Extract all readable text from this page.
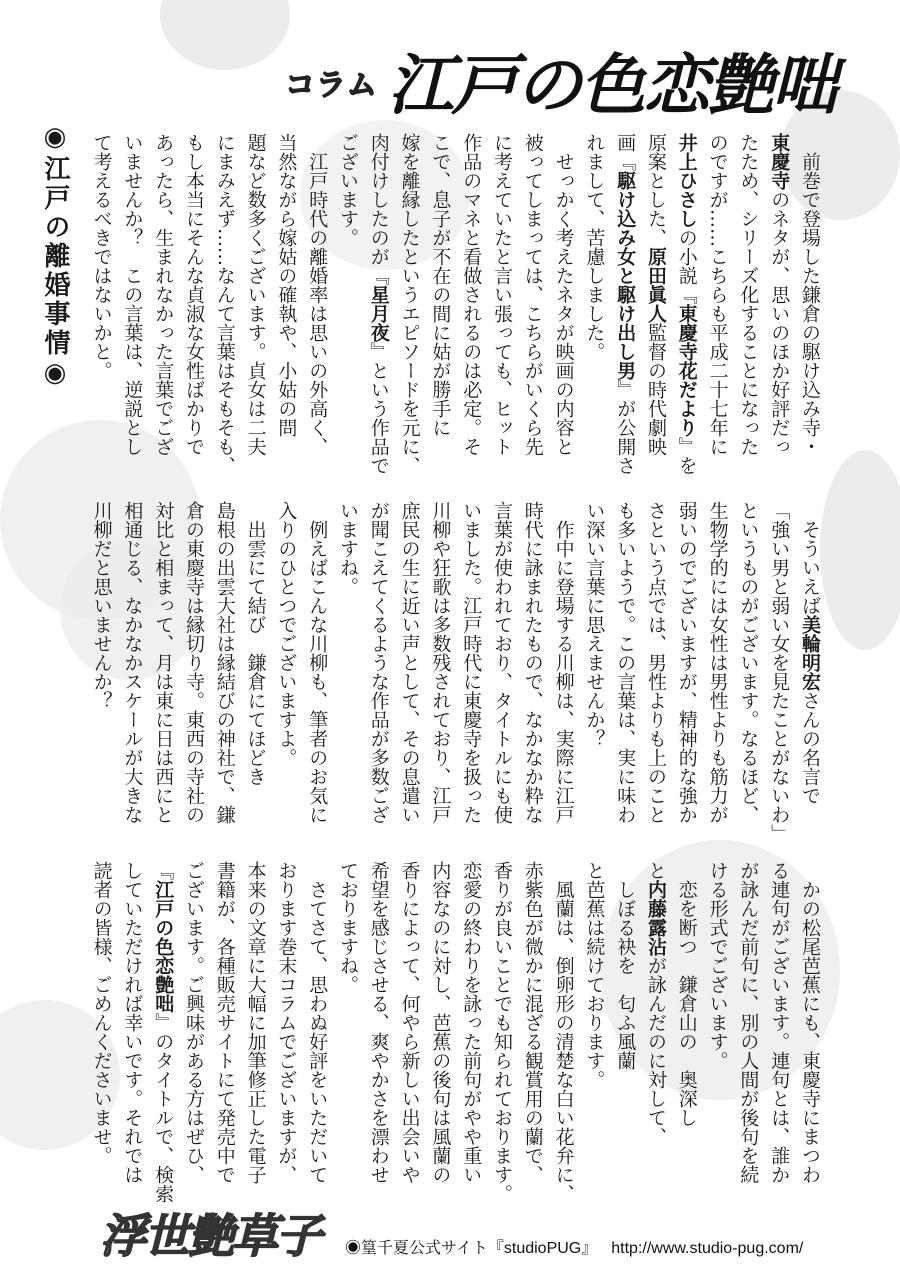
コラム 江戸の色恋艶咄
◉江戸の離婚事情◉	　前巻で登場した鎌倉の駆け込み寺・
東慶寺のネタが、思いのほか好評だっ
たため、シリーズ化することになった
のですが……こちらも平成二十七年に
井上ひさしの小説『東慶寺花だより』を
原案とした、原田眞人監督の時代劇映
画『駆け込み女と駆け出し男』が公開さ
れまして、苦慮しました。
　せっかく考えたネタが映画の内容と
被ってしまっては、こちらがいくら先
に考えていたと言い張っても、ヒット
作品のマネと看做されるのは必定。そ
こで、息子が不在の間に姑が勝手に
嫁を離縁したというエピソードを元に、
肉付けしたのが『星月夜』という作品で
ございます。
　江戸時代の離婚率は思いの外高く、
当然ながら嫁姑の確執や、小姑の問
題など数多くございます。貞女は二夫
にまみえず……なんて言葉はそもそも、
もし本当にそんな貞淑な女性ばかりで
あったら、生まれなかった言葉でござ
いませんか？　この言葉は、逆説とし
て考えるべきではないかと。
　そういえば美輪明宏さんの名言で
「強い男と弱い女を見たことがないわ」
というものがございます。なるほど、
生物学的には女性は男性よりも筋力が
弱いのでございますが、精神的な強か
さという点では、男性よりも上のこと
も多いようで。この言葉は、実に味わ
い深い言葉に思えませんか？
　作中に登場する川柳は、実際に江戸
時代に詠まれたもので、なかなか粋な
言葉が使われており、タイトルにも使
いました。江戸時代に東慶寺を扱った
川柳や狂歌は多数残されており、江戸
庶民の生に近い声として、その息遣い
が聞こえてくるような作品が多数ござ
いますね。
　例えばこんな川柳も、筆者のお気に
入りのひとつでございますよ。
　出雲にて結び　鎌倉にてほどき
島根の出雲大社は縁結びの神社で、鎌
倉の東慶寺は縁切り寺。東西の寺社の
対比と相まって、月は東に日は西にと
相通じる、なかなかスケールが大きな
川柳だと思いませんか？
　かの松尾芭蕉にも、東慶寺にまつわ
る連句がございます。連句とは、誰か
が詠んだ前句に、別の人間が後句を続
ける形式でございます。
　恋を断つ　鎌倉山の　奥深し
と内藤露沾が詠んだのに対して、
　しぼる袂を　匂ふ風蘭
と芭蕉は続けております。
　風蘭は、倒卵形の清楚な白い花弁に、
赤紫色が微かに混ざる観賞用の蘭で、
香りが良いことでも知られております。
恋愛の終わりを詠った前句がやや重い
内容なのに対し、芭蕉の後句は風蘭の
香りによって、何やら新しい出会いや
希望を感じさせる、爽やかさを漂わせ
ておりますね。
　さてさて、思わぬ好評をいただいて
おります巻末コラムでございますが、
本来の文章に大幅に加筆修正した電子
書籍が、各種販売サイトにて発売中で
ございます。ご興味がある方はぜひ、
『江戸の色恋艶咄』のタイトルで、検索
していただければ幸いです。それでは
読者の皆様、ごめんくださいませ。
浮世艶草子 ◉篁千夏公式サイト『studioPUG』 http://www.studio-pug.com/
